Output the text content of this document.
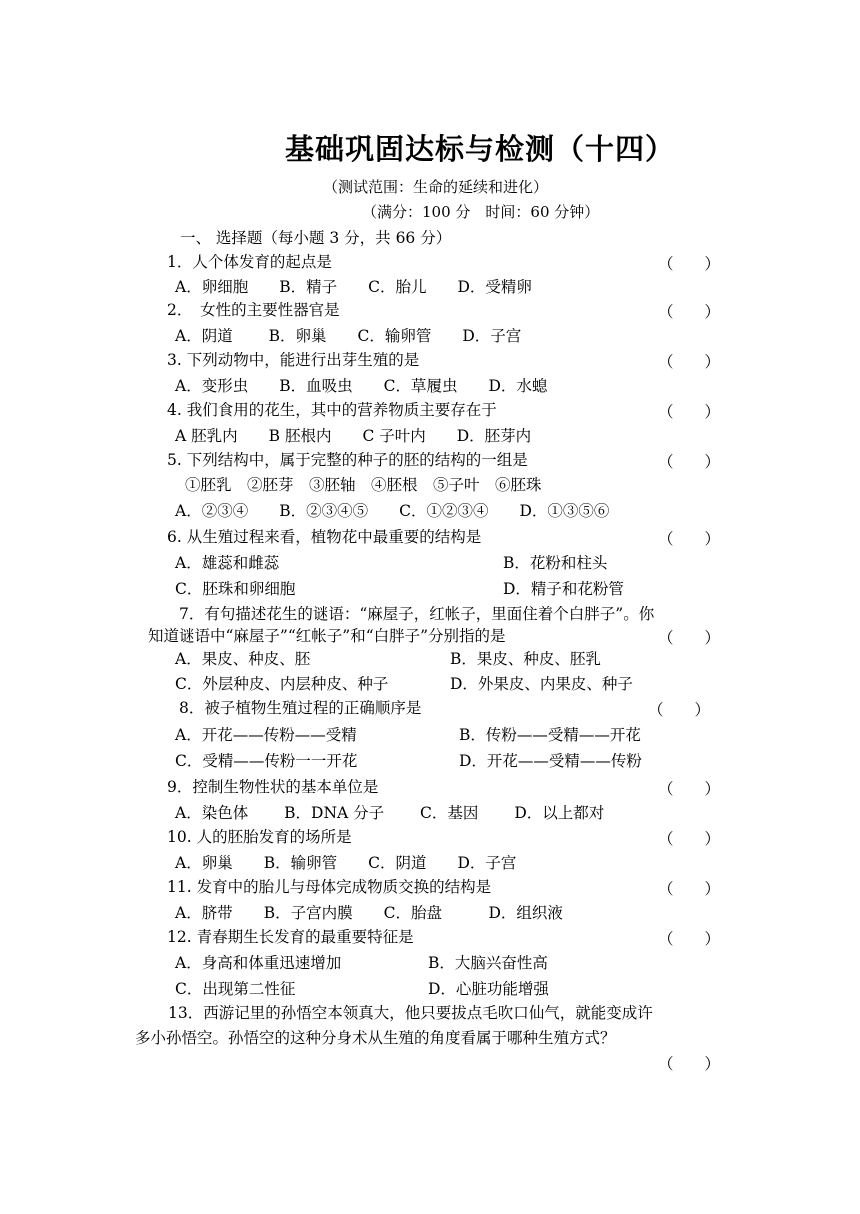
基础巩固达标与检测（十四）
（测试范围：生命的延续和进化）
（满分：100 分　时间：60 分钟）
一、 选择题（每小题 3 分，共 66 分）
1．人个体发育的起点是	（　　）
A．卵细胞　　B．精子　　C．胎儿　　D．受精卵
2．　女性的主要性器官是	（　　）
A．阴道　　 B．卵巢　　C．输卵管　　D．子宫
3. 下列动物中，能进行出芽生殖的是	（　　）
A．变形虫　　B．血吸虫　　C．草履虫　　D．水螅
4. 我们食用的花生，其中的营养物质主要存在于	（　　）
A 胚乳内　　B 胚根内　　C 子叶内　　D．胚芽内
5. 下列结构中，属于完整的种子的胚的结构的一组是	（　　）
①胚乳　②胚芽　③胚轴　④胚根　⑤子叶　⑥胚珠
A．②③④　　B．②③④⑤　　C．①②③④　　D．①③⑤⑥
6. 从生殖过程来看，植物花中最重要的结构是	（　　）
A．雄蕊和雌蕊	B．花粉和柱头
C．胚珠和卵细胞	D．精子和花粉管
7．有句描述花生的谜语：“麻屋子，红帐子，里面住着个白胖子”。你
知道谜语中“麻屋子”“红帐子”和“白胖子”分别指的是	（　　）
A．果皮、种皮、胚	B．果皮、种皮、胚乳
C．外层种皮、内层种皮、种子	D．外果皮、内果皮、种子
8．被子植物生殖过程的正确顺序是	（　　）
A．开花——传粉——受精	B．传粉——受精——开花
C．受精——传粉一一开花	D．开花——受精——传粉
9．控制生物性状的基本单位是	（　　）
A．染色体　　 B．DNA 分子　　 C．基因　　 D．以上都对
10. 人的胚胎发育的场所是	（　　）
A．卵巢　　B．输卵管　　C．阴道　　D．子宫
11. 发育中的胎儿与母体完成物质交换的结构是	（　　）
A．脐带　　B．子宫内膜　　C．胎盘　　　D．组织液
12. 青春期生长发育的最重要特征是	（　　）
A．身高和体重迅速增加	B．大脑兴奋性高
C．出现第二性征	D．心脏功能增强
13．西游记里的孙悟空本领真大，他只要拔点毛吹口仙气，就能变成许
多小孙悟空。孙悟空的这种分身术从生殖的角度看属于哪种生殖方式？
（　　）
